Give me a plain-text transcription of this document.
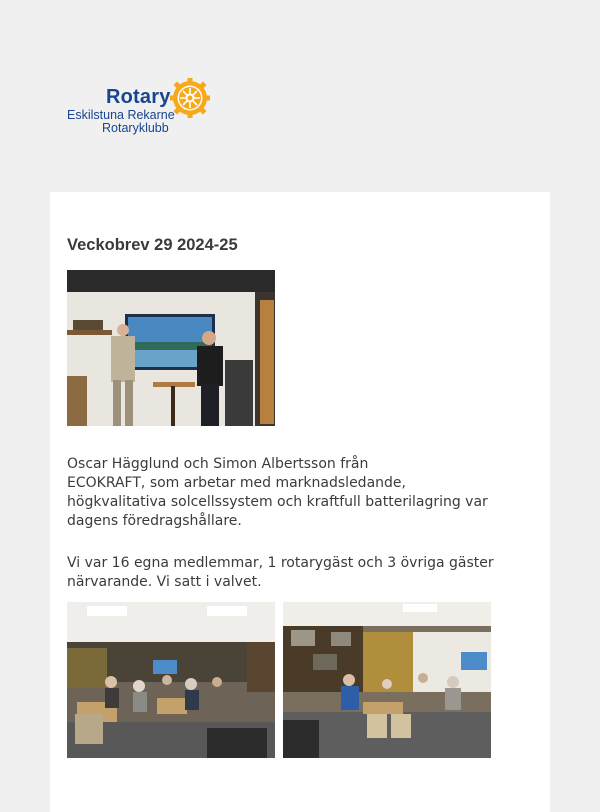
Rotary
Eskilstuna Rekarne
Rotaryklubb
Veckobrev 29 2024-25
Oscar Hägglund och Simon Albertsson från
ECOKRAFT, som arbetar med marknadsledande,
högkvalitativa solcellssystem och kraftfull batterilagring var
dagens föredragshållare.
Vi var 16 egna medlemmar, 1 rotarygäst och 3 övriga gäster
närvarande. Vi satt i valvet.
